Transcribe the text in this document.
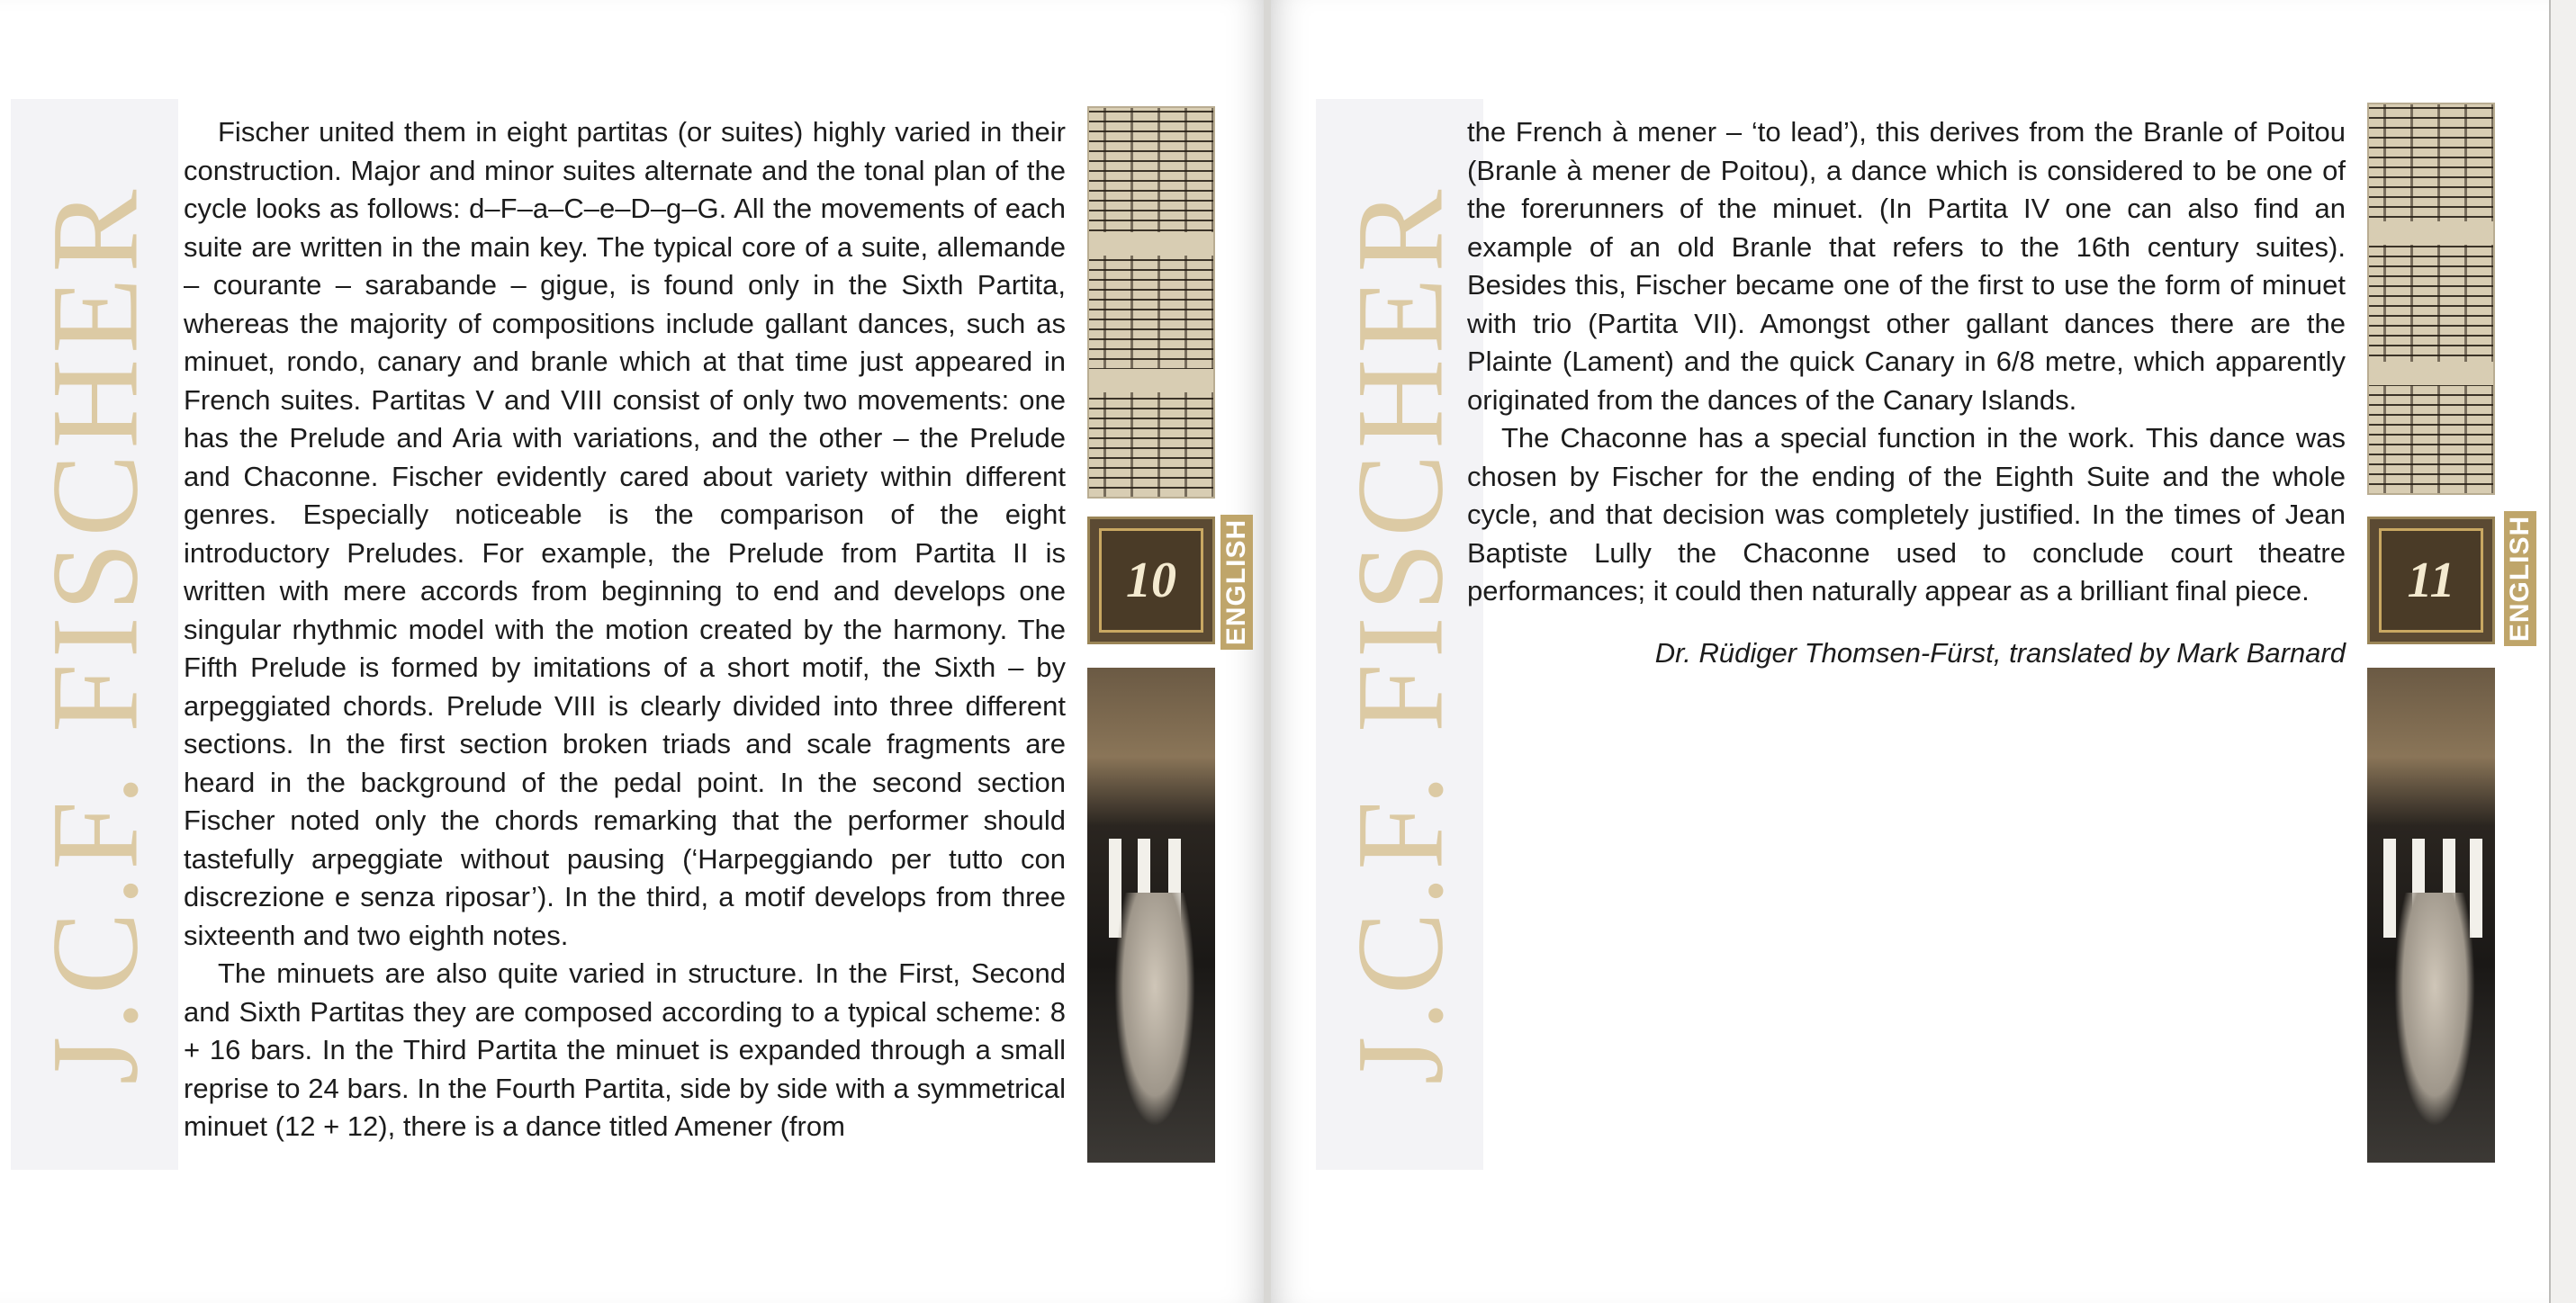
J.C.F. FISCHER

Fischer united them in eight partitas (or suites) highly varied in their construction. Major and minor suites alternate and the tonal plan of the cycle looks as follows: d–F–a–C–e–D–g–G. All the movements of each suite are written in the main key. The typical core of a suite, allemande – courante – sarabande – gigue, is found only in the Sixth Partita, whereas the majority of compositions include gallant dances, such as minuet, rondo, canary and branle which at that time just appeared in French suites. Partitas V and VIII consist of only two movements: one has the Prelude and Aria with variations, and the other – the Prelude and Chaconne. Fischer evidently cared about variety within different genres. Especially noticeable is the comparison of the eight introductory Preludes. For example, the Prelude from Partita II is written with mere accords from beginning to end and develops one singular rhythmic model with the motion created by the harmony. The Fifth Prelude is formed by imitations of a short motif, the Sixth – by arpeggiated chords. Prelude VIII is clearly divided into three different sections. In the first section broken triads and scale fragments are heard in the background of the pedal point. In the second section Fischer noted only the chords remarking that the performer should tastefully arpeggiate without pausing (‘Harpeggiando per tutto con discrezione e senza riposar’). In the third, a motif develops from three sixteenth and two eighth notes.

The minuets are also quite varied in structure. In the First, Second and Sixth Partitas they are composed according to a typical scheme: 8 + 16 bars. In the Third Partita the minuet is expanded through a small reprise to 24 bars. In the Fourth Partita, side by side with a symmetrical minuet (12 + 12), there is a dance titled Amener (from

10 ENGLISH J.C.F. FISCHER

the French à mener – ‘to lead’), this derives from the Branle of Poitou (Branle à mener de Poitou), a dance which is considered to be one of the forerunners of the minuet. (In Partita IV one can also find an example of an old Branle that refers to the 16th century suites). Besides this, Fischer became one of the first to use the form of minuet with trio (Partita VII). Amongst other gallant dances there are the Plainte (Lament) and the quick Canary in 6/8 metre, which apparently originated from the dances of the Canary Islands.

The Chaconne has a special function in the work. This dance was chosen by Fischer for the ending of the Eighth Suite and the whole cycle, and that decision was completely justified. In the times of Jean Baptiste Lully the Chaconne used to conclude court theatre performances; it could then naturally appear as a brilliant final piece.

Dr. Rüdiger Thomsen-Fürst, translated by Mark Barnard

11 ENGLISH
